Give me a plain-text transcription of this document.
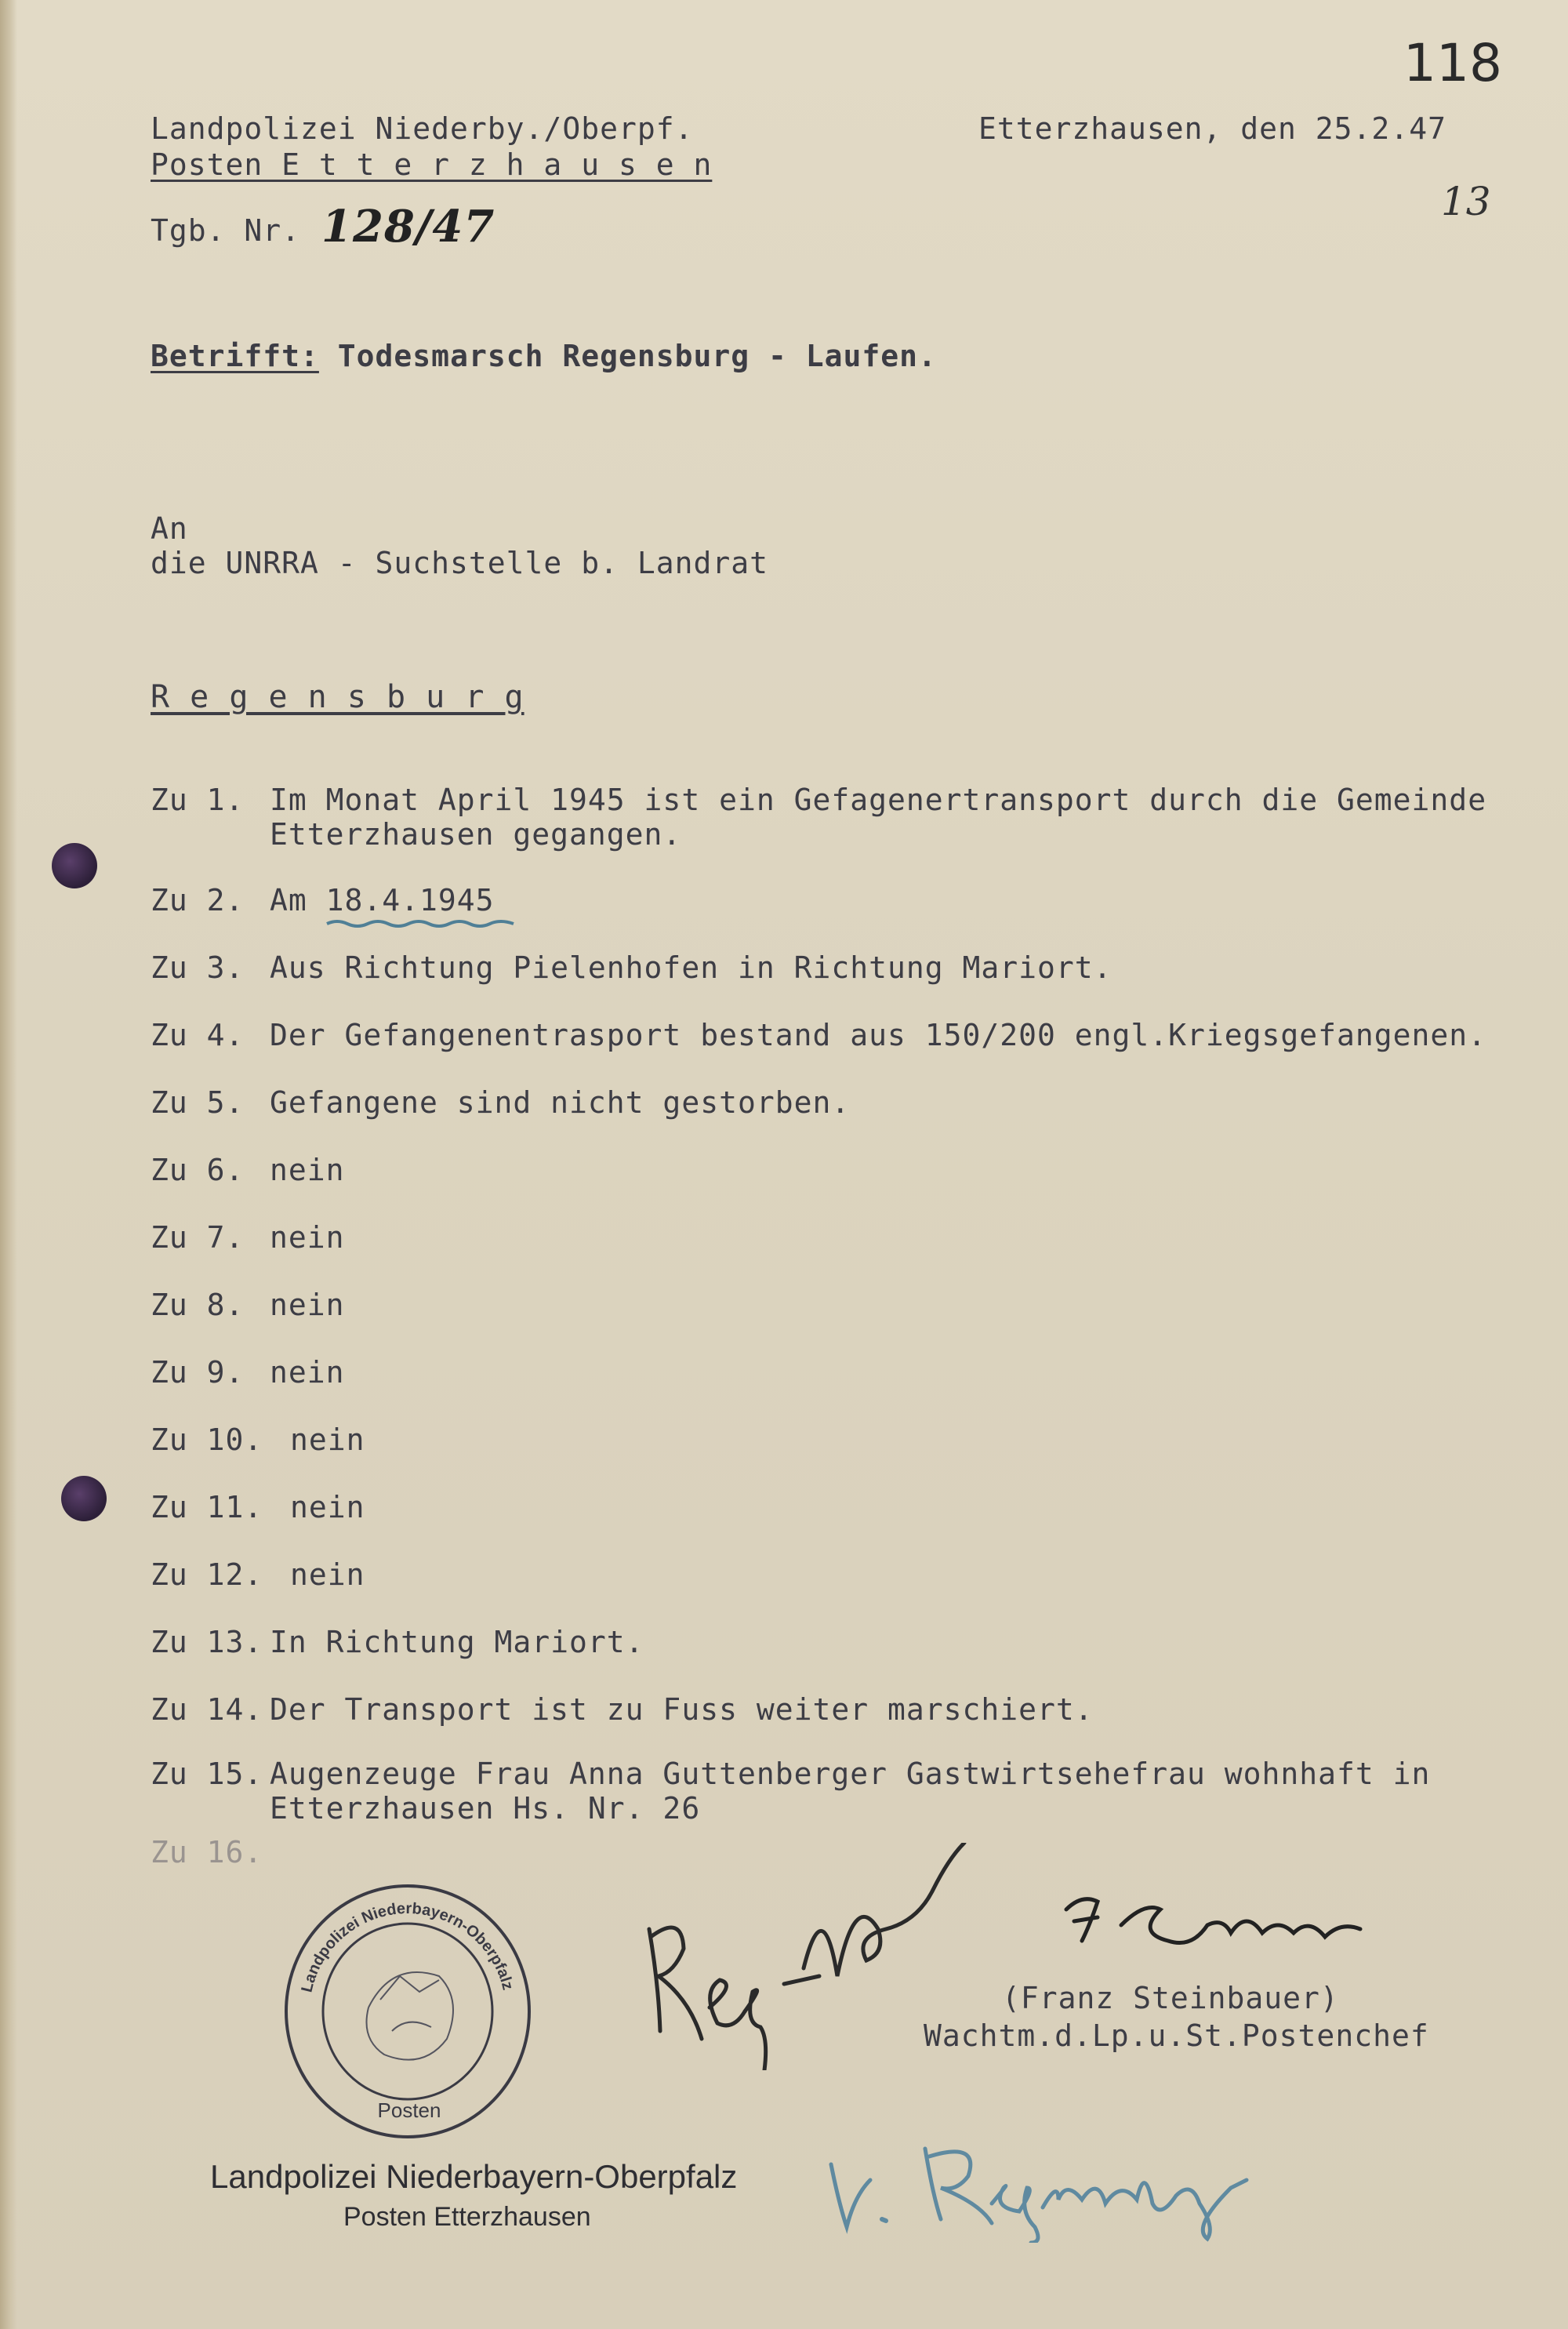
118
13
Landpolizei Niederby./Oberpf.
Posten E t t e r z h a u s e n
Etterzhausen, den 25.2.47
Tgb. Nr. 128/47
Betrifft: Todesmarsch Regensburg - Laufen.
An
die UNRRA - Suchstelle b. Landrat
R e g e n s b u r g
Zu 1. Im Monat April 1945 ist ein Gefagenertransport durch die Gemeinde
Etterzhausen gegangen.
Zu 2. Am 18.4.1945
Zu 3. Aus Richtung Pielenhofen in Richtung Mariort.
Zu 4. Der Gefangenentrasport bestand aus 150/200 engl.Kriegsgefangenen.
Zu 5. Gefangene sind nicht gestorben.
Zu 6. nein
Zu 7. nein
Zu 8. nein
Zu 9. nein
Zu 10. nein
Zu 11. nein
Zu 12. nein
Zu 13. In Richtung Mariort.
Zu 14. Der Transport ist zu Fuss weiter marschiert.
Zu 15. Augenzeuge Frau Anna Guttenberger Gastwirtsehefrau wohnhaft in
Etterzhausen Hs. Nr. 26
Zu 16.
(Franz Steinbauer)
Wachtm.d.Lp.u.St.Postenchef
Landpolizei Niederbayern-Oberpfalz
Posten
Landpolizei Niederbayern-Oberpfalz
Posten Etterzhausen
